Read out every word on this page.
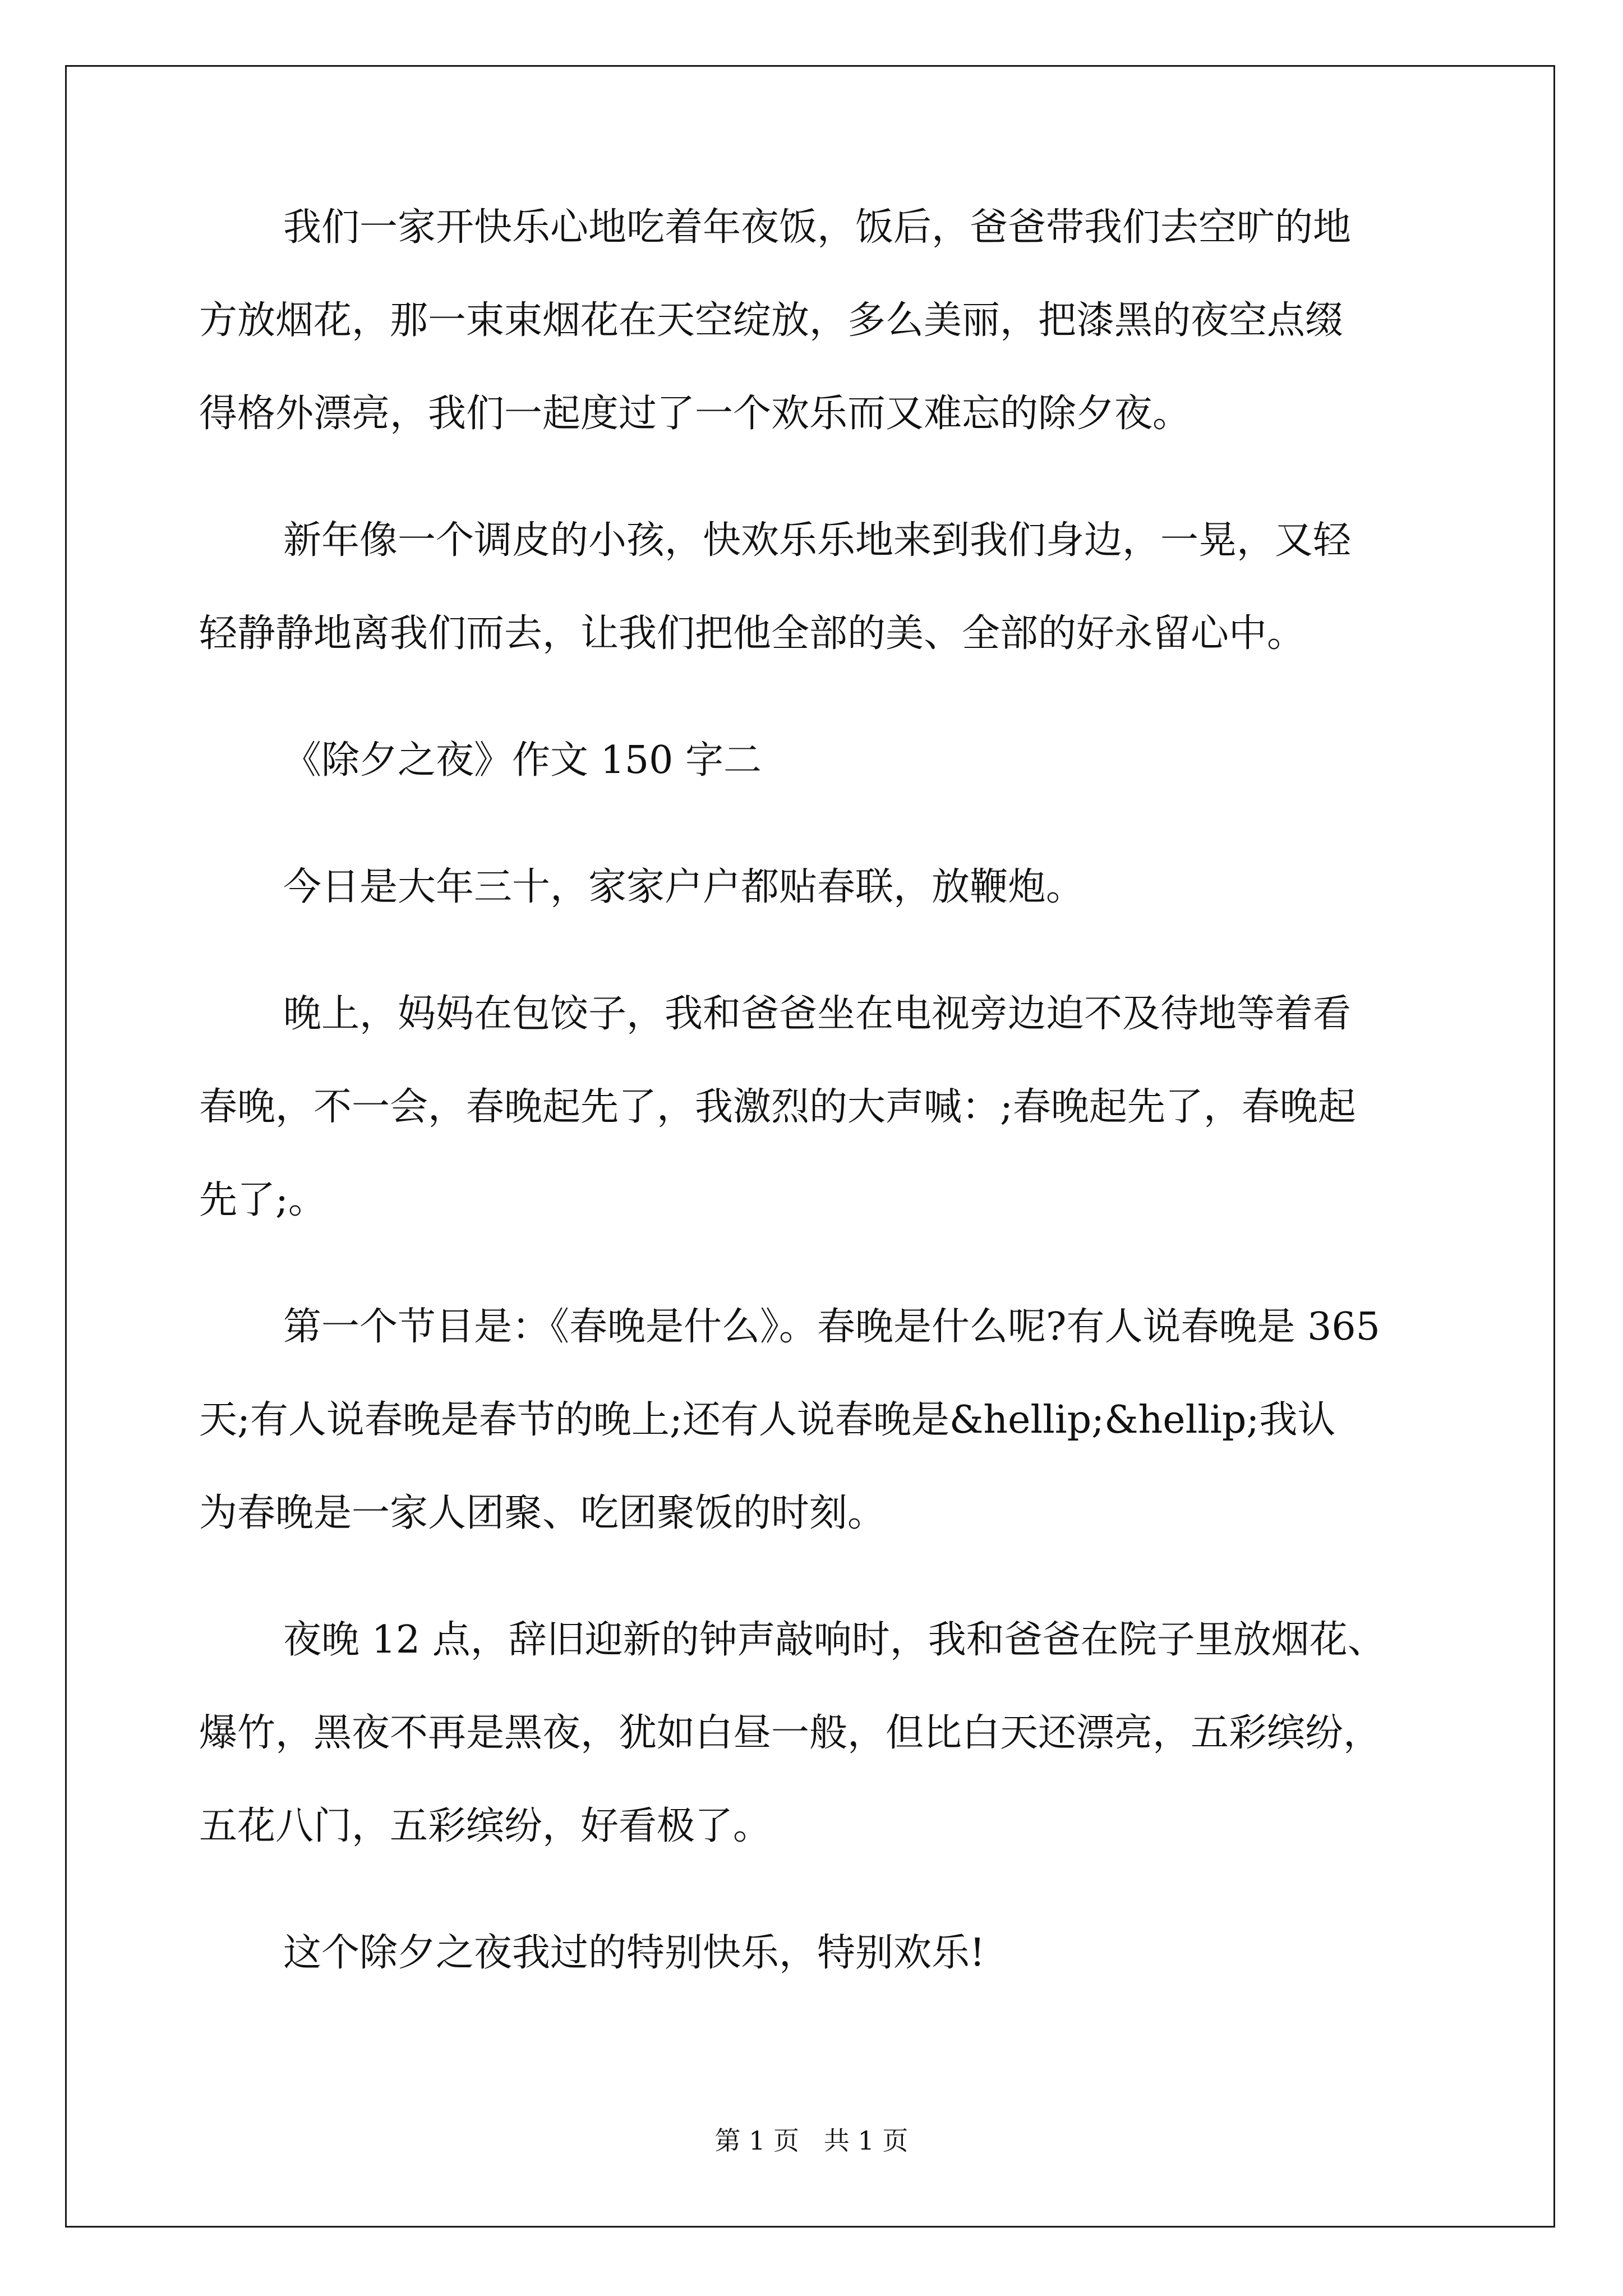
我们一家开快乐心地吃着年夜饭，饭后，爸爸带我们去空旷的地
方放烟花，那一束束烟花在天空绽放，多么美丽，把漆黑的夜空点缀
得格外漂亮，我们一起度过了一个欢乐而又难忘的除夕夜。
新年像一个调皮的小孩，快欢乐乐地来到我们身边，一晃，又轻
轻静静地离我们而去，让我们把他全部的美、全部的好永留心中。
《除夕之夜》作文 150 字二
今日是大年三十，家家户户都贴春联，放鞭炮。
晚上，妈妈在包饺子，我和爸爸坐在电视旁边迫不及待地等着看
春晚，不一会，春晚起先了，我激烈的大声喊：;春晚起先了，春晚起
先了;。
第一个节目是：《春晚是什么》。春晚是什么呢?有人说春晚是 365
天;有人说春晚是春节的晚上;还有人说春晚是&hellip;&hellip;我认
为春晚是一家人团聚、吃团聚饭的时刻。
夜晚 12 点，辞旧迎新的钟声敲响时，我和爸爸在院子里放烟花、
爆竹，黑夜不再是黑夜，犹如白昼一般，但比白天还漂亮，五彩缤纷，
五花八门，五彩缤纷，好看极了。
这个除夕之夜我过的特别快乐，特别欢乐!
第 1 页   共 1 页
